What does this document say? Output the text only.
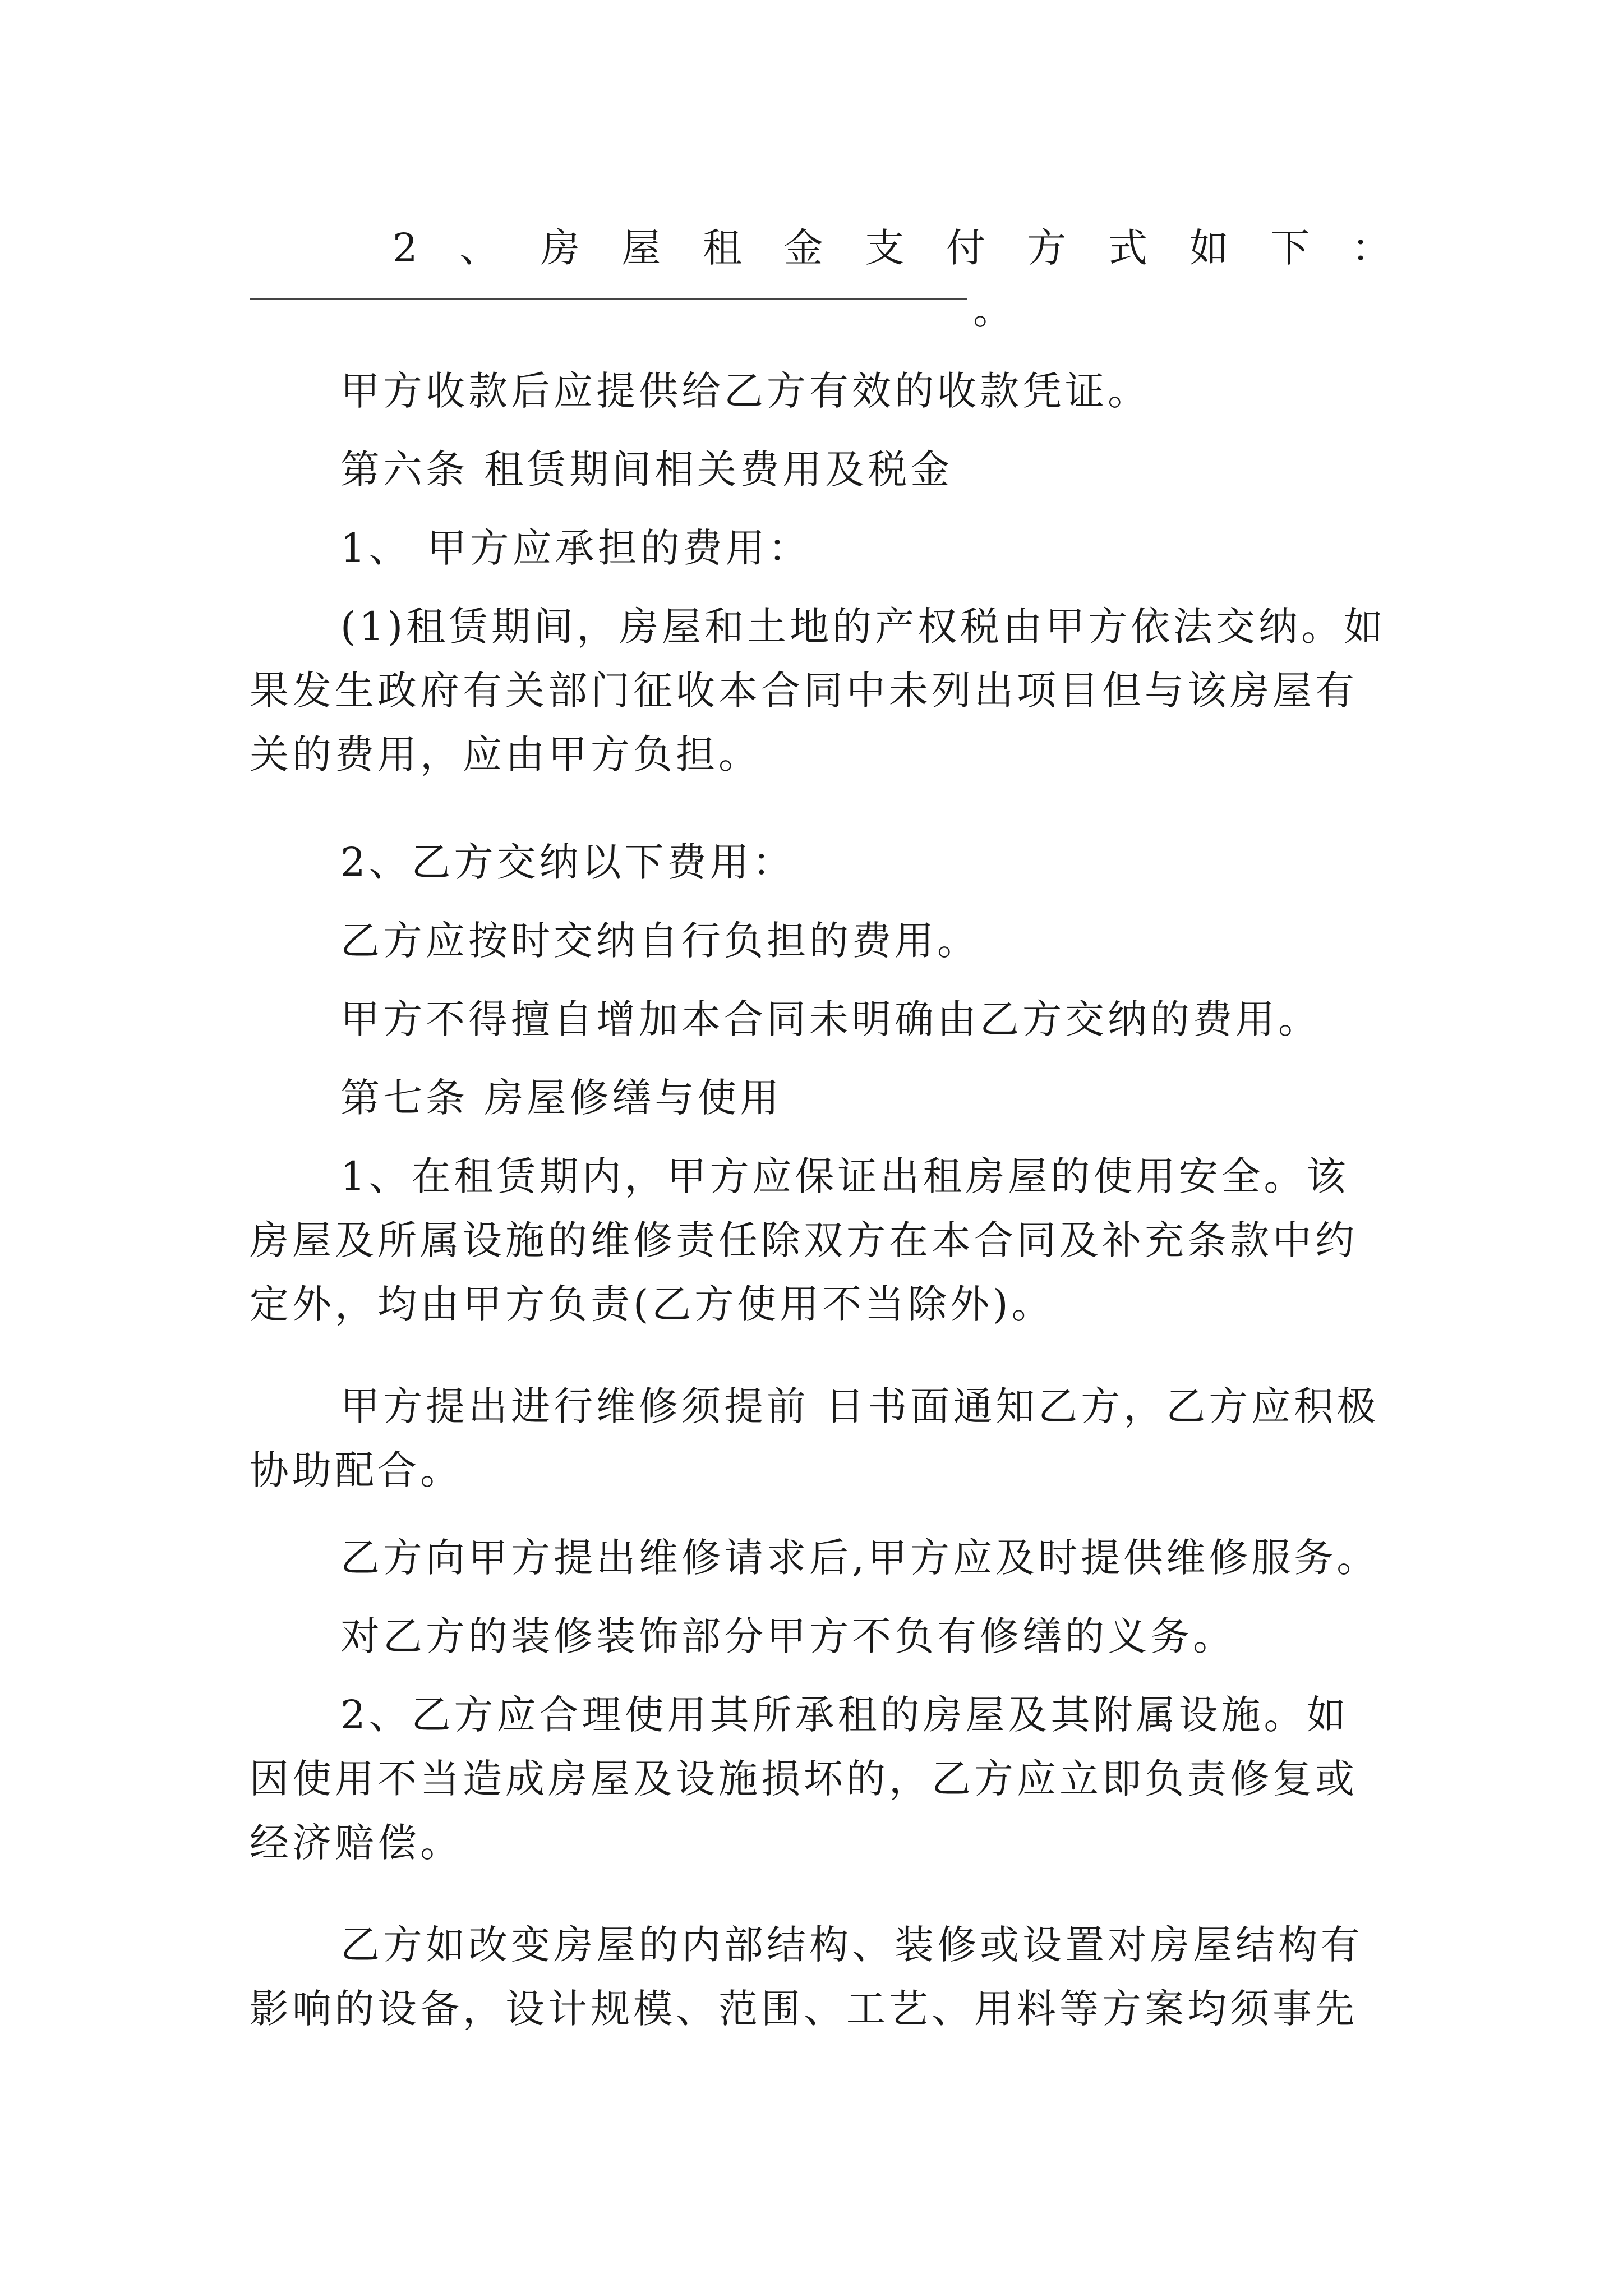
2 、 房 屋 租 金 支 付 方 式 如 下 ：
。

甲方收款后应提供给乙方有效的收款凭证。

第六条 租赁期间相关费用及税金

1、 甲方应承担的费用：

(1)租赁期间，房屋和土地的产权税由甲方依法交纳。如果发生政府有关部门征收本合同中未列出项目但与该房屋有关的费用，应由甲方负担。

2、乙方交纳以下费用：

乙方应按时交纳自行负担的费用。

甲方不得擅自增加本合同未明确由乙方交纳的费用。

第七条 房屋修缮与使用

1、在租赁期内，甲方应保证出租房屋的使用安全。该房屋及所属设施的维修责任除双方在本合同及补充条款中约定外，均由甲方负责(乙方使用不当除外)。

甲方提出进行维修须提前 日书面通知乙方，乙方应积极协助配合。

乙方向甲方提出维修请求后,甲方应及时提供维修服务。

对乙方的装修装饰部分甲方不负有修缮的义务。

2、乙方应合理使用其所承租的房屋及其附属设施。如因使用不当造成房屋及设施损坏的，乙方应立即负责修复或经济赔偿。

乙方如改变房屋的内部结构、装修或设置对房屋结构有影响的设备，设计规模、范围、工艺、用料等方案均须事先
